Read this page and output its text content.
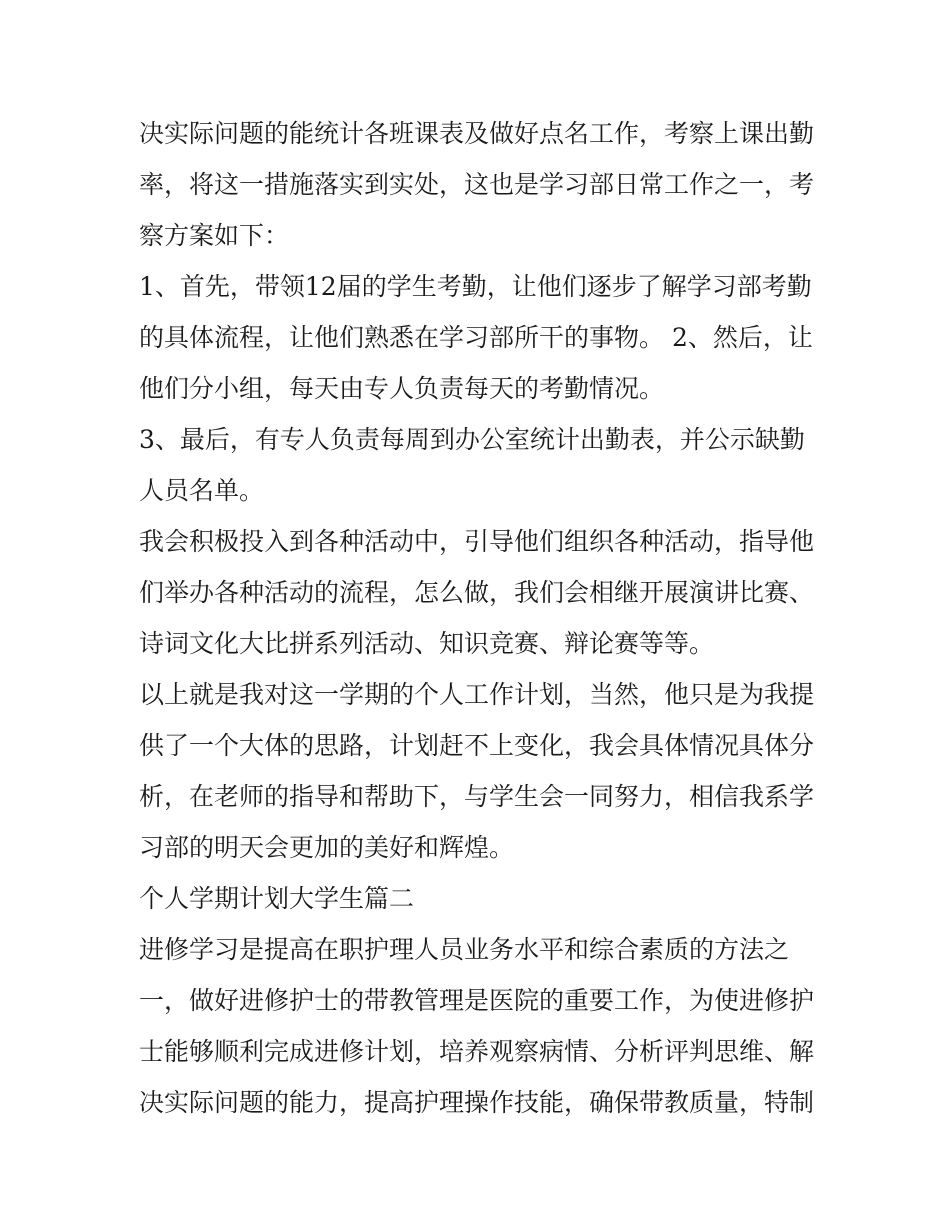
决实际问题的能统计各班课表及做好点名工作，考察上课出勤
率，将这一措施落实到实处，这也是学习部日常工作之一，考
察方案如下：
1、首先，带领12届的学生考勤，让他们逐步了解学习部考勤
的具体流程，让他们熟悉在学习部所干的事物。 2、然后，让
他们分小组，每天由专人负责每天的考勤情况。
3、最后，有专人负责每周到办公室统计出勤表，并公示缺勤
人员名单。
我会积极投入到各种活动中，引导他们组织各种活动，指导他
们举办各种活动的流程，怎么做，我们会相继开展演讲比赛、
诗词文化大比拼系列活动、知识竞赛、辩论赛等等。
以上就是我对这一学期的个人工作计划，当然，他只是为我提
供了一个大体的思路，计划赶不上变化，我会具体情况具体分
析，在老师的指导和帮助下，与学生会一同努力，相信我系学
习部的明天会更加的美好和辉煌。
个人学期计划大学生篇二
进修学习是提高在职护理人员业务水平和综合素质的方法之
一，做好进修护士的带教管理是医院的重要工作，为使进修护
士能够顺利完成进修计划，培养观察病情、分析评判思维、解
决实际问题的能力，提高护理操作技能，确保带教质量，特制
